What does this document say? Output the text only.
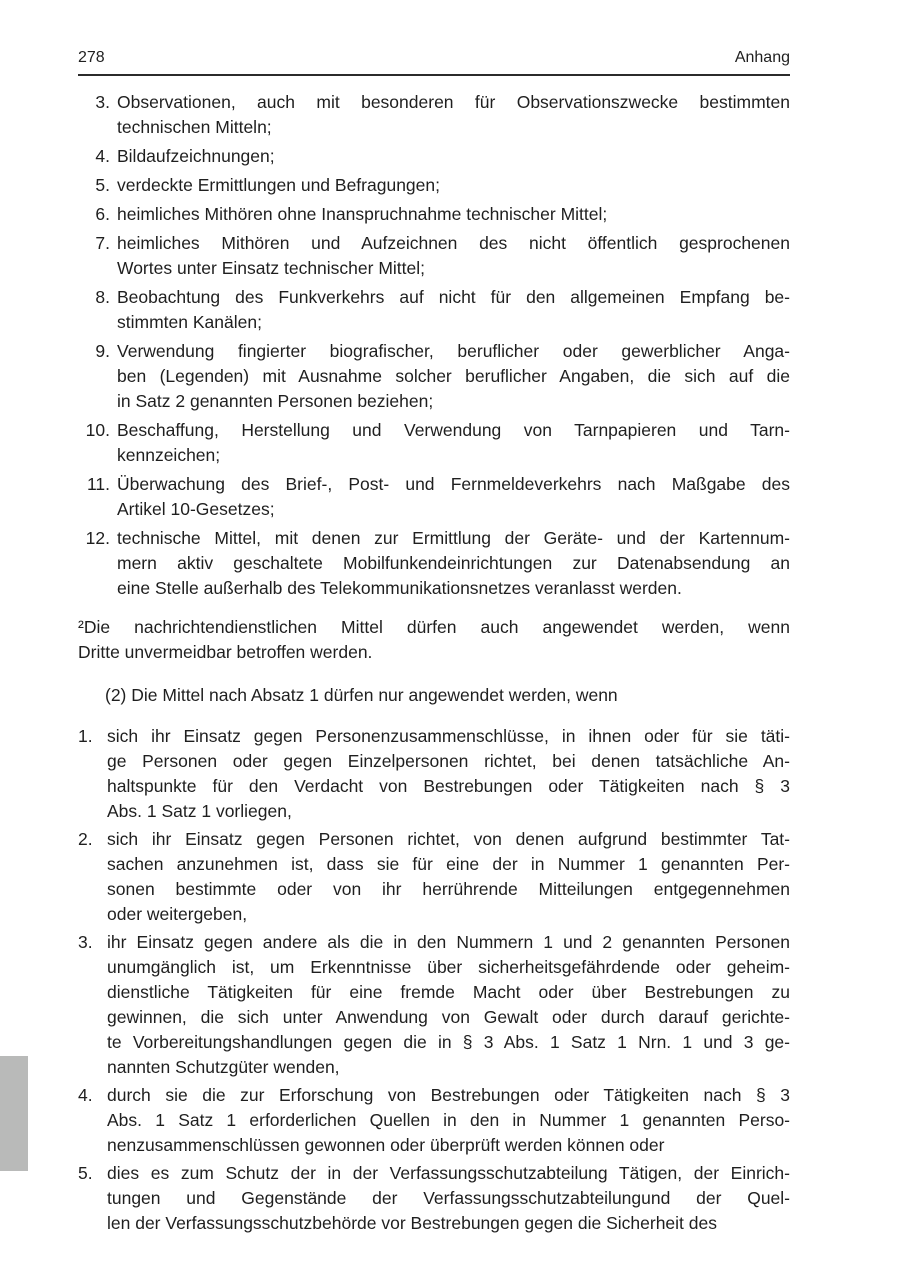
278	Anhang
3. Observationen, auch mit besonderen für Observationszwecke bestimmten
technischen Mitteln;
4. Bildaufzeichnungen;
5. verdeckte Ermittlungen und Befragungen;
6. heimliches Mithören ohne Inanspruchnahme technischer Mittel;
7. heimliches Mithören und Aufzeichnen des nicht öffentlich gesprochenen
Wortes unter Einsatz technischer Mittel;
8. Beobachtung des Funkverkehrs auf nicht für den allgemeinen Empfang be-
stimmten Kanälen;
9. Verwendung fingierter biografischer, beruflicher oder gewerblicher Anga-
ben (Legenden) mit Ausnahme solcher beruflicher Angaben, die sich auf die
in Satz 2 genannten Personen beziehen;
10. Beschaffung, Herstellung und Verwendung von Tarnpapieren und Tarn-
kennzeichen;
11. Überwachung des Brief-, Post- und Fernmeldeverkehrs nach Maßgabe des
Artikel 10-Gesetzes;
12. technische Mittel, mit denen zur Ermittlung der Geräte- und der Kartennum-
mern aktiv geschaltete Mobilfunkendeinrichtungen zur Datenabsendung an
eine Stelle außerhalb des Telekommunikationsnetzes veranlasst werden.
²Die nachrichtendienstlichen Mittel dürfen auch angewendet werden, wenn
Dritte unvermeidbar betroffen werden.
(2) Die Mittel nach Absatz 1 dürfen nur angewendet werden, wenn
1. sich ihr Einsatz gegen Personenzusammenschlüsse, in ihnen oder für sie täti-
ge Personen oder gegen Einzelpersonen richtet, bei denen tatsächliche An-
haltspunkte für den Verdacht von Bestrebungen oder Tätigkeiten nach § 3
Abs. 1 Satz 1 vorliegen,
2. sich ihr Einsatz gegen Personen richtet, von denen aufgrund bestimmter Tat-
sachen anzunehmen ist, dass sie für eine der in Nummer 1 genannten Per-
sonen bestimmte oder von ihr herrührende Mitteilungen entgegennehmen
oder weitergeben,
3. ihr Einsatz gegen andere als die in den Nummern 1 und 2 genannten Personen
unumgänglich ist, um Erkenntnisse über sicherheitsgefährdende oder geheim-
dienstliche Tätigkeiten für eine fremde Macht oder über Bestrebungen zu
gewinnen, die sich unter Anwendung von Gewalt oder durch darauf gerichte-
te Vorbereitungshandlungen gegen die in § 3 Abs. 1 Satz 1 Nrn. 1 und 3 ge-
nannten Schutzgüter wenden,
4. durch sie die zur Erforschung von Bestrebungen oder Tätigkeiten nach § 3
Abs. 1 Satz 1 erforderlichen Quellen in den in Nummer 1 genannten Perso-
nenzusammenschlüssen gewonnen oder überprüft werden können oder
5. dies es zum Schutz der in der Verfassungsschutzabteilung Tätigen, der Einrich-
tungen und Gegenstände der Verfassungsschutzabteilungund der Quel-
len der Verfassungsschutzbehörde vor Bestrebungen gegen die Sicherheit des
